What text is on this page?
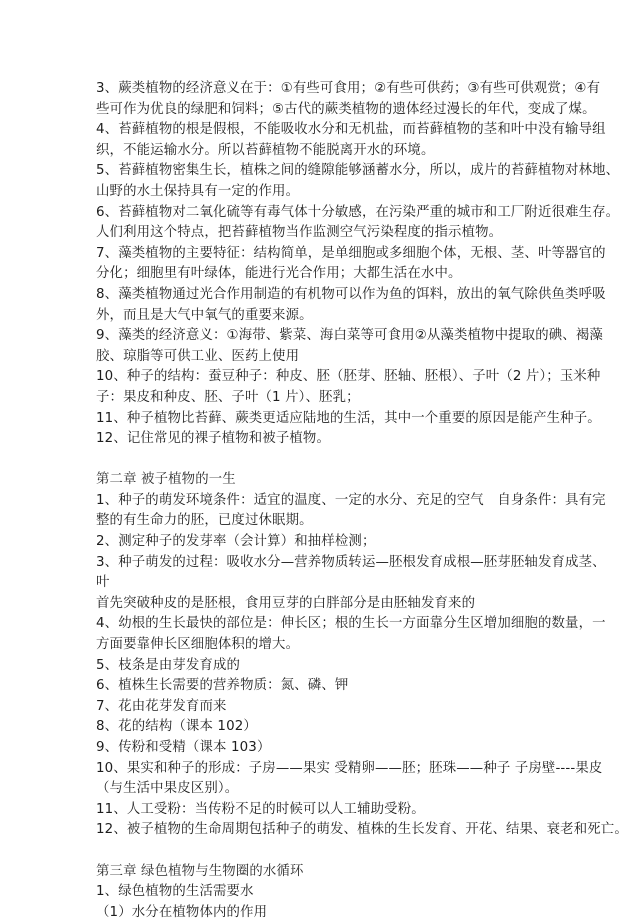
3、蕨类植物的经济意义在于：①有些可食用；②有些可供药；③有些可供观赏；④有
些可作为优良的绿肥和饲料；⑤古代的蕨类植物的遗体经过漫长的年代，变成了煤。
4、苔藓植物的根是假根，不能吸收水分和无机盐，而苔藓植物的茎和叶中没有输导组
织，不能运输水分。所以苔藓植物不能脱离开水的环境。
5、苔藓植物密集生长，植株之间的缝隙能够涵蓄水分，所以，成片的苔藓植物对林地、
山野的水土保持具有一定的作用。
6、苔藓植物对二氧化硫等有毒气体十分敏感，在污染严重的城市和工厂附近很难生存。
人们利用这个特点，把苔藓植物当作监测空气污染程度的指示植物。
7、藻类植物的主要特征：结构简单，是单细胞或多细胞个体，无根、茎、叶等器官的
分化；细胞里有叶绿体，能进行光合作用；大都生活在水中。
8、藻类植物通过光合作用制造的有机物可以作为鱼的饵料，放出的氧气除供鱼类呼吸
外，而且是大气中氧气的重要来源。
9、藻类的经济意义：①海带、紫菜、海白菜等可食用②从藻类植物中提取的碘、褐藻
胶、琼脂等可供工业、医药上使用
10、种子的结构：蚕豆种子：种皮、胚（胚芽、胚轴、胚根）、子叶（2 片）；玉米种
子：果皮和种皮、胚、子叶（1 片）、胚乳；
11、种子植物比苔藓、蕨类更适应陆地的生活，其中一个重要的原因是能产生种子。
12、记住常见的裸子植物和被子植物。
第二章 被子植物的一生
1、种子的萌发环境条件：适宜的温度、一定的水分、充足的空气　自身条件：具有完
整的有生命力的胚，已度过休眠期。
2、测定种子的发芽率（会计算）和抽样检测；
3、种子萌发的过程：吸收水分—营养物质转运—胚根发育成根—胚芽胚轴发育成茎、
叶
首先突破种皮的是胚根，食用豆芽的白胖部分是由胚轴发育来的
4、幼根的生长最快的部位是：伸长区；根的生长一方面靠分生区增加细胞的数量，一
方面要靠伸长区细胞体积的增大。
5、枝条是由芽发育成的
6、植株生长需要的营养物质：氮、磷、钾
7、花由花芽发育而来
8、花的结构（课本 102）
9、传粉和受精（课本 103）
10、果实和种子的形成：子房——果实 受精卵——胚；胚珠——种子 子房壁----果皮
（与生活中果皮区别）。
11、人工受粉：当传粉不足的时候可以人工辅助受粉。
12、被子植物的生命周期包括种子的萌发、植株的生长发育、开花、结果、衰老和死亡。
第三章 绿色植物与生物圈的水循环
1、绿色植物的生活需要水
（1）水分在植物体内的作用
